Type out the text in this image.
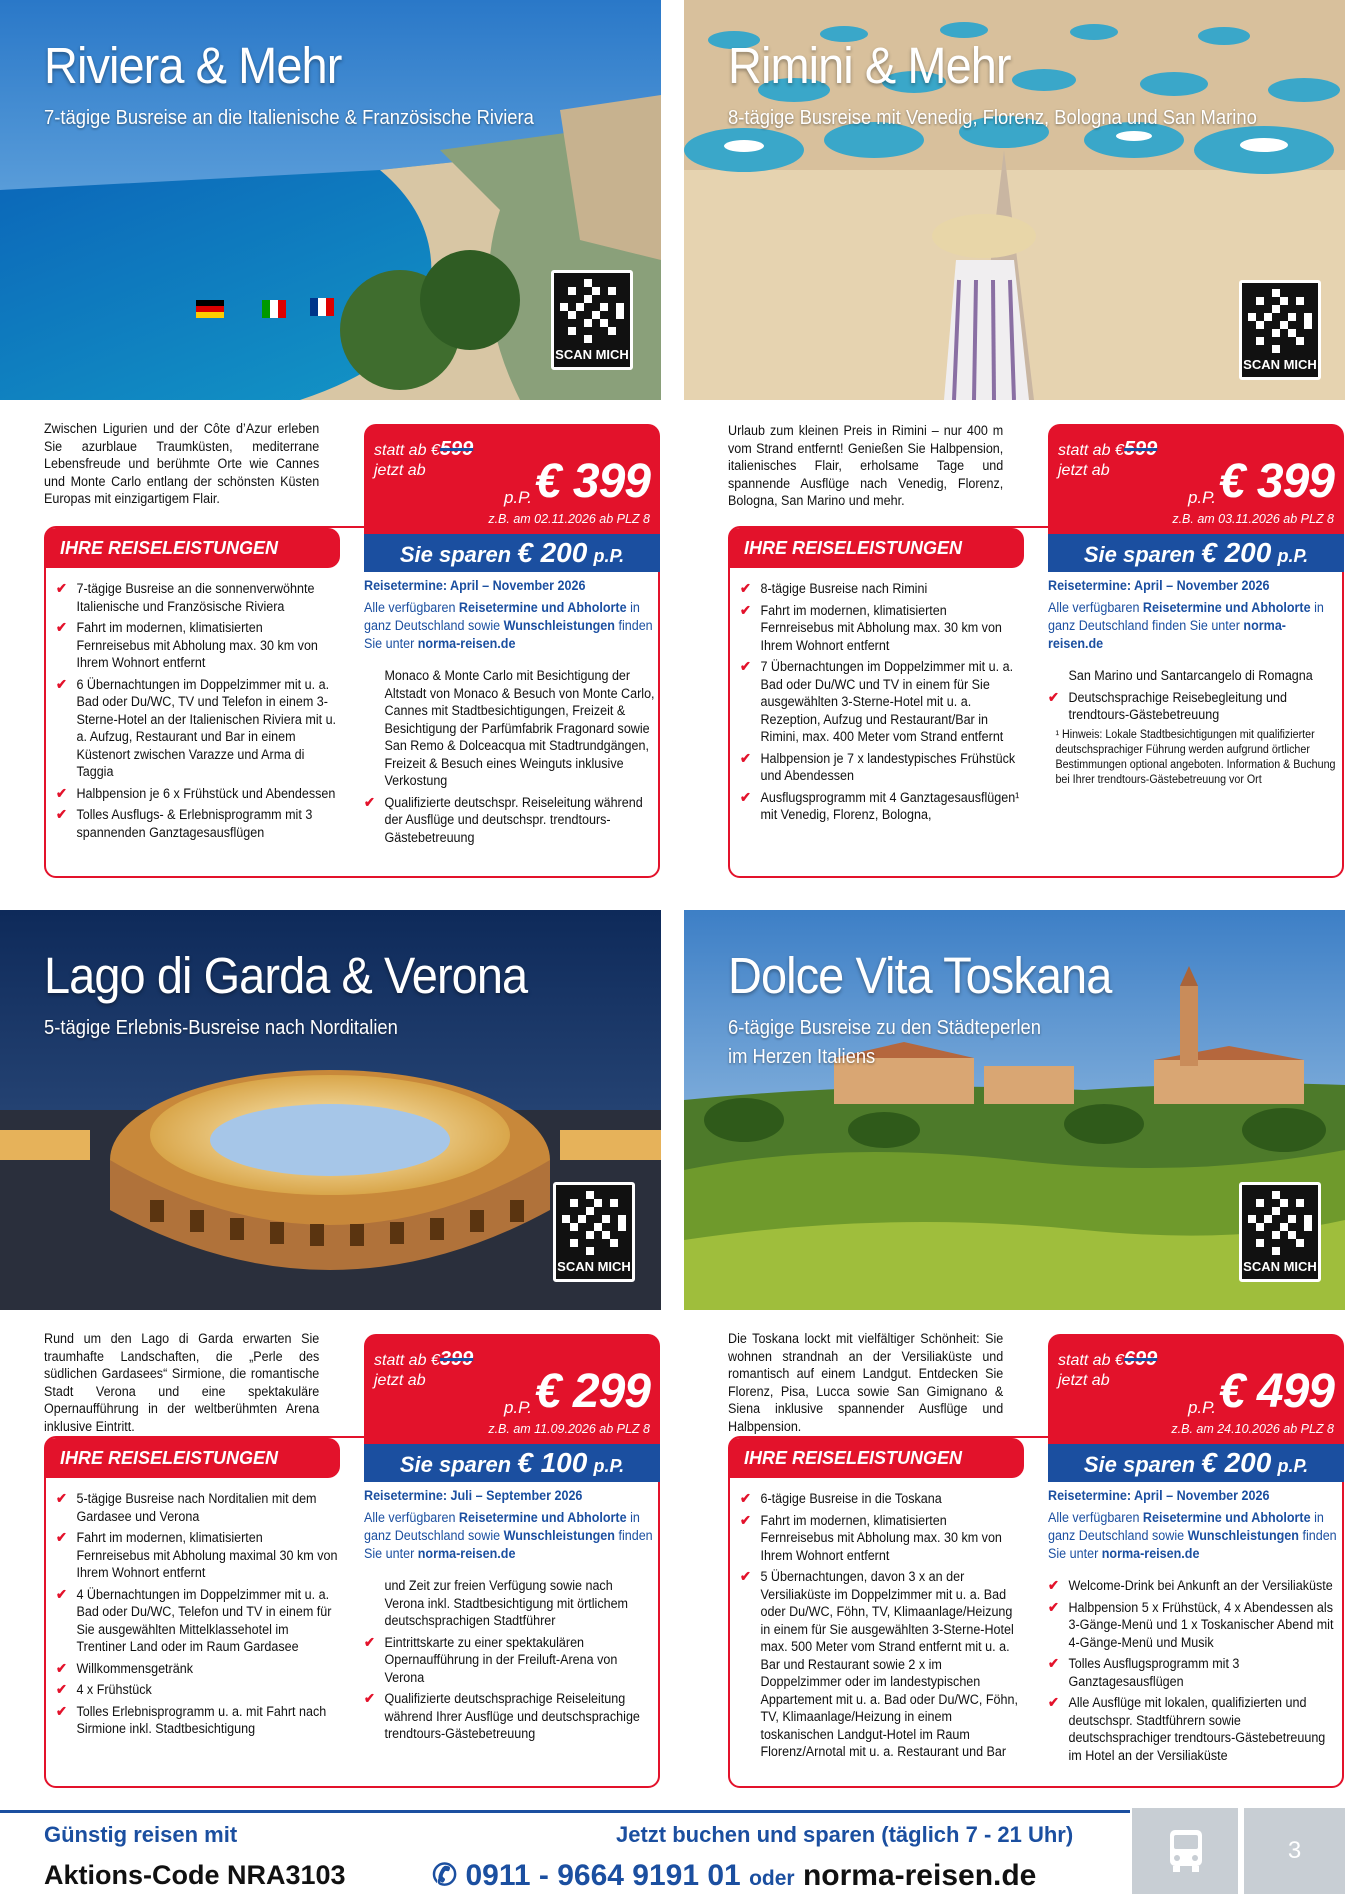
Riviera & Mehr
7-tägige Busreise an die Italienische & Französische Riviera
SCAN MICH

Zwischen Ligurien und der Côte d’Azur erleben Sie azurblaue Traumküsten, mediterrane Lebensfreude und berühmte Orte wie Cannes und Monte Carlo entlang der schönsten Küsten Europas mit einzigartigem Flair.

IHRE REISELEISTUNGEN
statt ab €599
jetzt ab
p.P. € 399
z.B. am 02.11.2026 ab PLZ 8
Sie sparen € 200 p.P.
✔ 7-tägige Busreise an die sonnenverwöhnte Italienische und Französische Riviera
✔ Fahrt im modernen, klimatisierten Fernreisebus mit Abholung max. 30 km von Ihrem Wohnort entfernt
✔ 6 Übernachtungen im Doppelzimmer mit u. a. Bad oder Du/WC, TV und Telefon in einem 3-Sterne-Hotel an der Italienischen Riviera mit u. a. Aufzug, Restaurant und Bar in einem Küstenort zwischen Varazze und Arma di Taggia
✔ Halbpension je 6 x Frühstück und Abendessen
✔ Tolles Ausflugs- & Erlebnisprogramm mit 3 spannenden Ganztagesausflügen
Reisetermine: April – November 2026
Alle verfügbaren Reisetermine und Abholorte in ganz Deutschland sowie Wunschleistungen finden Sie unter norma-reisen.de
Monaco & Monte Carlo mit Besichtigung der Altstadt von Monaco & Besuch von Monte Carlo, Cannes mit Stadtbesichtigungen, Freizeit & Besichtigung der Parfümfabrik Fragonard sowie San Remo & Dolceacqua mit Stadtrundgängen, Freizeit & Besuch eines Weinguts inklusive Verkostung
✔ Qualifizierte deutschspr. Reiseleitung während der Ausflüge und deutschspr. trendtours-Gästebetreuung
Rimini & Mehr
8-tägige Busreise mit Venedig, Florenz, Bologna und San Marino
SCAN MICH

Urlaub zum kleinen Preis in Rimini – nur 400 m vom Strand entfernt! Genießen Sie Halbpension, italienisches Flair, erholsame Tage und spannende Ausflüge nach Venedig, Florenz, Bologna, San Marino und mehr.

IHRE REISELEISTUNGEN
statt ab €599
jetzt ab
p.P. € 399
z.B. am 03.11.2026 ab PLZ 8
Sie sparen € 200 p.P.
✔ 8-tägige Busreise nach Rimini
✔ Fahrt im modernen, klimatisierten Fernreisebus mit Abholung max. 30 km von Ihrem Wohnort entfernt
✔ 7 Übernachtungen im Doppelzimmer mit u. a. Bad oder Du/WC und TV in einem für Sie ausgewählten 3-Sterne-Hotel mit u. a. Rezeption, Aufzug und Restaurant/Bar in Rimini, max. 400 Meter vom Strand entfernt
✔ Halbpension je 7 x landestypisches Frühstück und Abendessen
✔ Ausflugsprogramm mit 4 Ganztagesausflügen¹ mit Venedig, Florenz, Bologna,
Reisetermine: April – November 2026
Alle verfügbaren Reisetermine und Abholorte in ganz Deutschland finden Sie unter norma-reisen.de
San Marino und Santarcangelo di Romagna
✔ Deutschsprachige Reisebegleitung und trendtours-Gästebetreuung
¹ Hinweis: Lokale Stadtbesichtigungen mit qualifizierter deutschsprachiger Führung werden aufgrund örtlicher Bestimmungen optional angeboten. Information & Buchung bei Ihrer trendtours-Gästebetreuung vor Ort
Lago di Garda & Verona
5-tägige Erlebnis-Busreise nach Norditalien
SCAN MICH

Rund um den Lago di Garda erwarten Sie traumhafte Landschaften, die „Perle des südlichen Gardasees“ Sirmione, die romantische Stadt Verona und eine spektakuläre Opernaufführung in der weltberühmten Arena inklusive Eintritt.

IHRE REISELEISTUNGEN
statt ab €399
jetzt ab
p.P. € 299
z.B. am 11.09.2026 ab PLZ 8
Sie sparen € 100 p.P.
✔ 5-tägige Busreise nach Norditalien mit dem Gardasee und Verona
✔ Fahrt im modernen, klimatisierten Fernreisebus mit Abholung maximal 30 km von Ihrem Wohnort entfernt
✔ 4 Übernachtungen im Doppelzimmer mit u. a. Bad oder Du/WC, Telefon und TV in einem für Sie ausgewählten Mittelklassehotel im Trentiner Land oder im Raum Gardasee
✔ Willkommensgetränk
✔ 4 x Frühstück
✔ Tolles Erlebnisprogramm u. a. mit Fahrt nach Sirmione inkl. Stadtbesichtigung
Reisetermine: Juli – September 2026
Alle verfügbaren Reisetermine und Abholorte in ganz Deutschland sowie Wunschleistungen finden Sie unter norma-reisen.de
und Zeit zur freien Verfügung sowie nach Verona inkl. Stadtbesichtigung mit örtlichem deutschsprachigen Stadtführer
✔ Eintrittskarte zu einer spektakulären Opernaufführung in der Freiluft-Arena von Verona
✔ Qualifizierte deutschsprachige Reiseleitung während Ihrer Ausflüge und deutschsprachige trendtours-Gästebetreuung
Dolce Vita Toskana
6-tägige Busreise zu den Städteperlen
im Herzen Italiens
SCAN MICH

Die Toskana lockt mit vielfältiger Schönheit: Sie wohnen strandnah an der Versiliaküste und romantisch auf einem Landgut. Entdecken Sie Florenz, Pisa, Lucca sowie San Gimignano & Siena inklusive spannender Ausflüge und Halbpension.

IHRE REISELEISTUNGEN
statt ab €699
jetzt ab
p.P. € 499
z.B. am 24.10.2026 ab PLZ 8
Sie sparen € 200 p.P.
✔ 6-tägige Busreise in die Toskana
✔ Fahrt im modernen, klimatisierten Fernreisebus mit Abholung max. 30 km von Ihrem Wohnort entfernt
✔ 5 Übernachtungen, davon 3 x an der Versiliaküste im Doppelzimmer mit u. a. Bad oder Du/WC, Föhn, TV, Klimaanlage/Heizung in einem für Sie ausgewählten 3-Sterne-Hotel max. 500 Meter vom Strand entfernt mit u. a. Bar und Restaurant sowie 2 x im Doppelzimmer oder im landestypischen Appartement mit u. a. Bad oder Du/WC, Föhn, TV, Klimaanlage/Heizung in einem toskanischen Landgut-Hotel im Raum Florenz/Arnotal mit u. a. Restaurant und Bar
Reisetermine: April – November 2026
Alle verfügbaren Reisetermine und Abholorte in ganz Deutschland sowie Wunschleistungen finden Sie unter norma-reisen.de
✔ Welcome-Drink bei Ankunft an der Versiliaküste
✔ Halbpension 5 x Frühstück, 4 x Abendessen als 3-Gänge-Menü und 1 x Toskanischer Abend mit 4-Gänge-Menü und Musik
✔ Tolles Ausflugsprogramm mit 3 Ganztagesausflügen
✔ Alle Ausflüge mit lokalen, qualifizierten und deutschspr. Stadtführern sowie deutschsprachiger trendtours-Gästebetreuung im Hotel an der Versiliaküste
Günstig reisen mit
Aktions-Code NRA3103
Jetzt buchen und sparen (täglich 7 - 21 Uhr)
✆ 0911 - 9664 9191 01 oder norma-reisen.de
3
